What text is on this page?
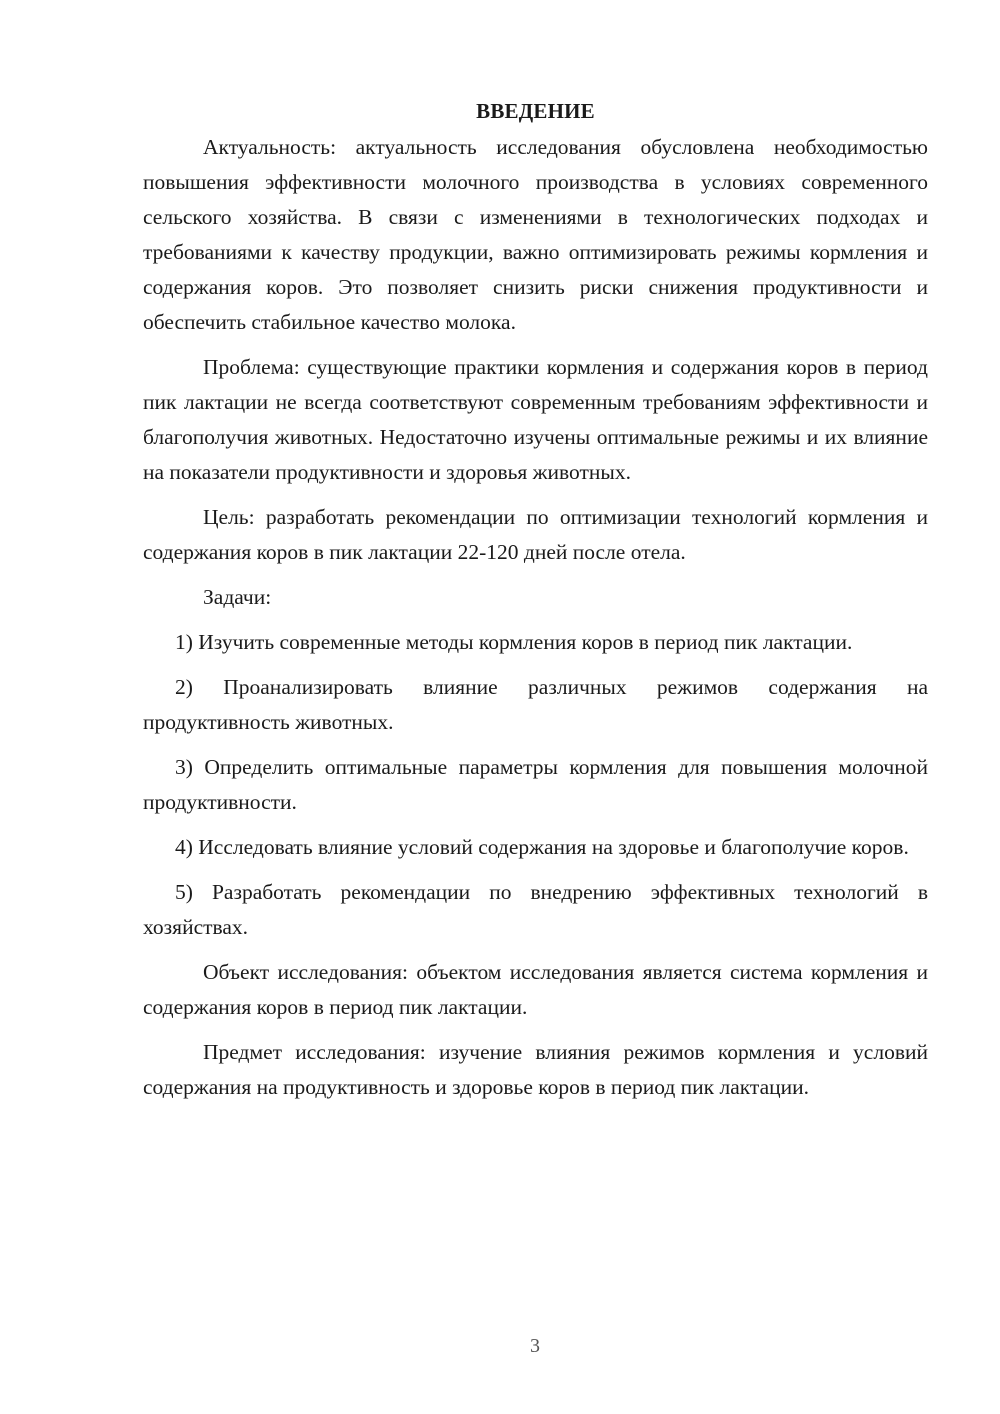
ВВЕДЕНИЕ

Актуальность: актуальность исследования обусловлена необходимостью повышения эффективности молочного производства в условиях современного сельского хозяйства. В связи с изменениями в технологических подходах и требованиями к качеству продукции, важно оптимизировать режимы кормления и содержания коров. Это позволяет снизить риски снижения продуктивности и обеспечить стабильное качество молока.

Проблема: существующие практики кормления и содержания коров в период пик лактации не всегда соответствуют современным требованиям эффективности и благополучия животных. Недостаточно изучены оптимальные режимы и их влияние на показатели продуктивности и здоровья животных.

Цель: разработать рекомендации по оптимизации технологий кормления и содержания коров в пик лактации 22-120 дней после отела.

Задачи:

1) Изучить современные методы кормления коров в период пик лактации.

2) Проанализировать влияние различных режимов содержания на продуктивность животных.

3) Определить оптимальные параметры кормления для повышения молочной продуктивности.

4) Исследовать влияние условий содержания на здоровье и благополучие коров.

5) Разработать рекомендации по внедрению эффективных технологий в хозяйствах.

Объект исследования: объектом исследования является система кормления и содержания коров в период пик лактации.

Предмет исследования: изучение влияния режимов кормления и условий содержания на продуктивность и здоровье коров в период пик лактации.

3
